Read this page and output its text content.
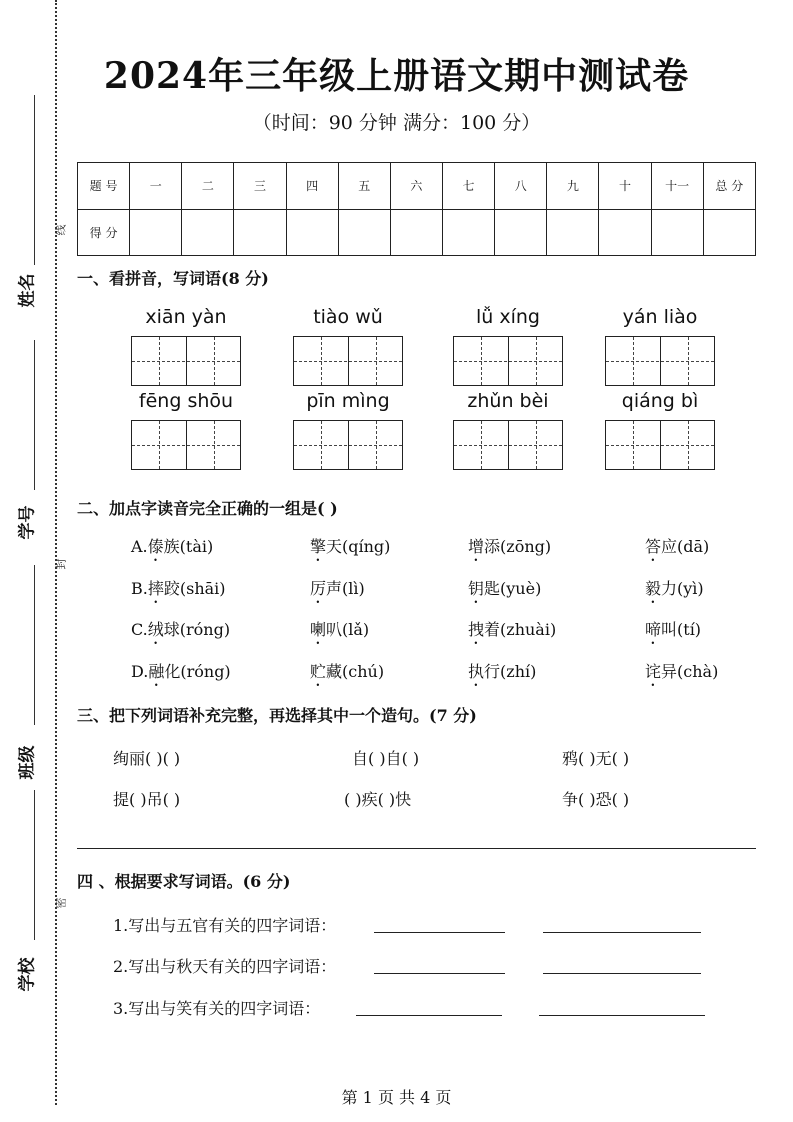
姓名
学号
班级
学校
线
封
密
2024年三年级上册语文期中测试卷
（时间：90 分钟 满分：100 分）
题 号	一	二	三	四	五	六	七	八	九	十	十一	总 分
得 分												
一、看拼音，写词语(8 分)
xiān yàn	tiào wǔ	lǚ xíng	yán liào
fēng shōu	pīn mìng	zhǔn bèi	qiáng bì
二、加点字读音完全正确的一组是( )
A.傣族(tài)	擎天(qíng)	增添(zōng)	答应(dā)
B.摔跤(shāi)	厉声(lì)	钥匙(yuè)	毅力(yì)
C.绒球(róng)	喇叭(lǎ)	拽着(zhuài)	啼叫(tí)
D.融化(róng)	贮藏(chú)	执行(zhí)	诧异(chà)
三、把下列词语补充完整，再选择其中一个造句。(7 分)
绚丽( )( )	自( )自( )	鸦( )无( )
提( )吊( )	( )疾( )快	争( )恐( )
四 、根据要求写词语。(6 分)
1.写出与五官有关的四字词语：
2.写出与秋天有关的四字词语：
3.写出与笑有关的四字词语：
第 1 页 共 4 页
